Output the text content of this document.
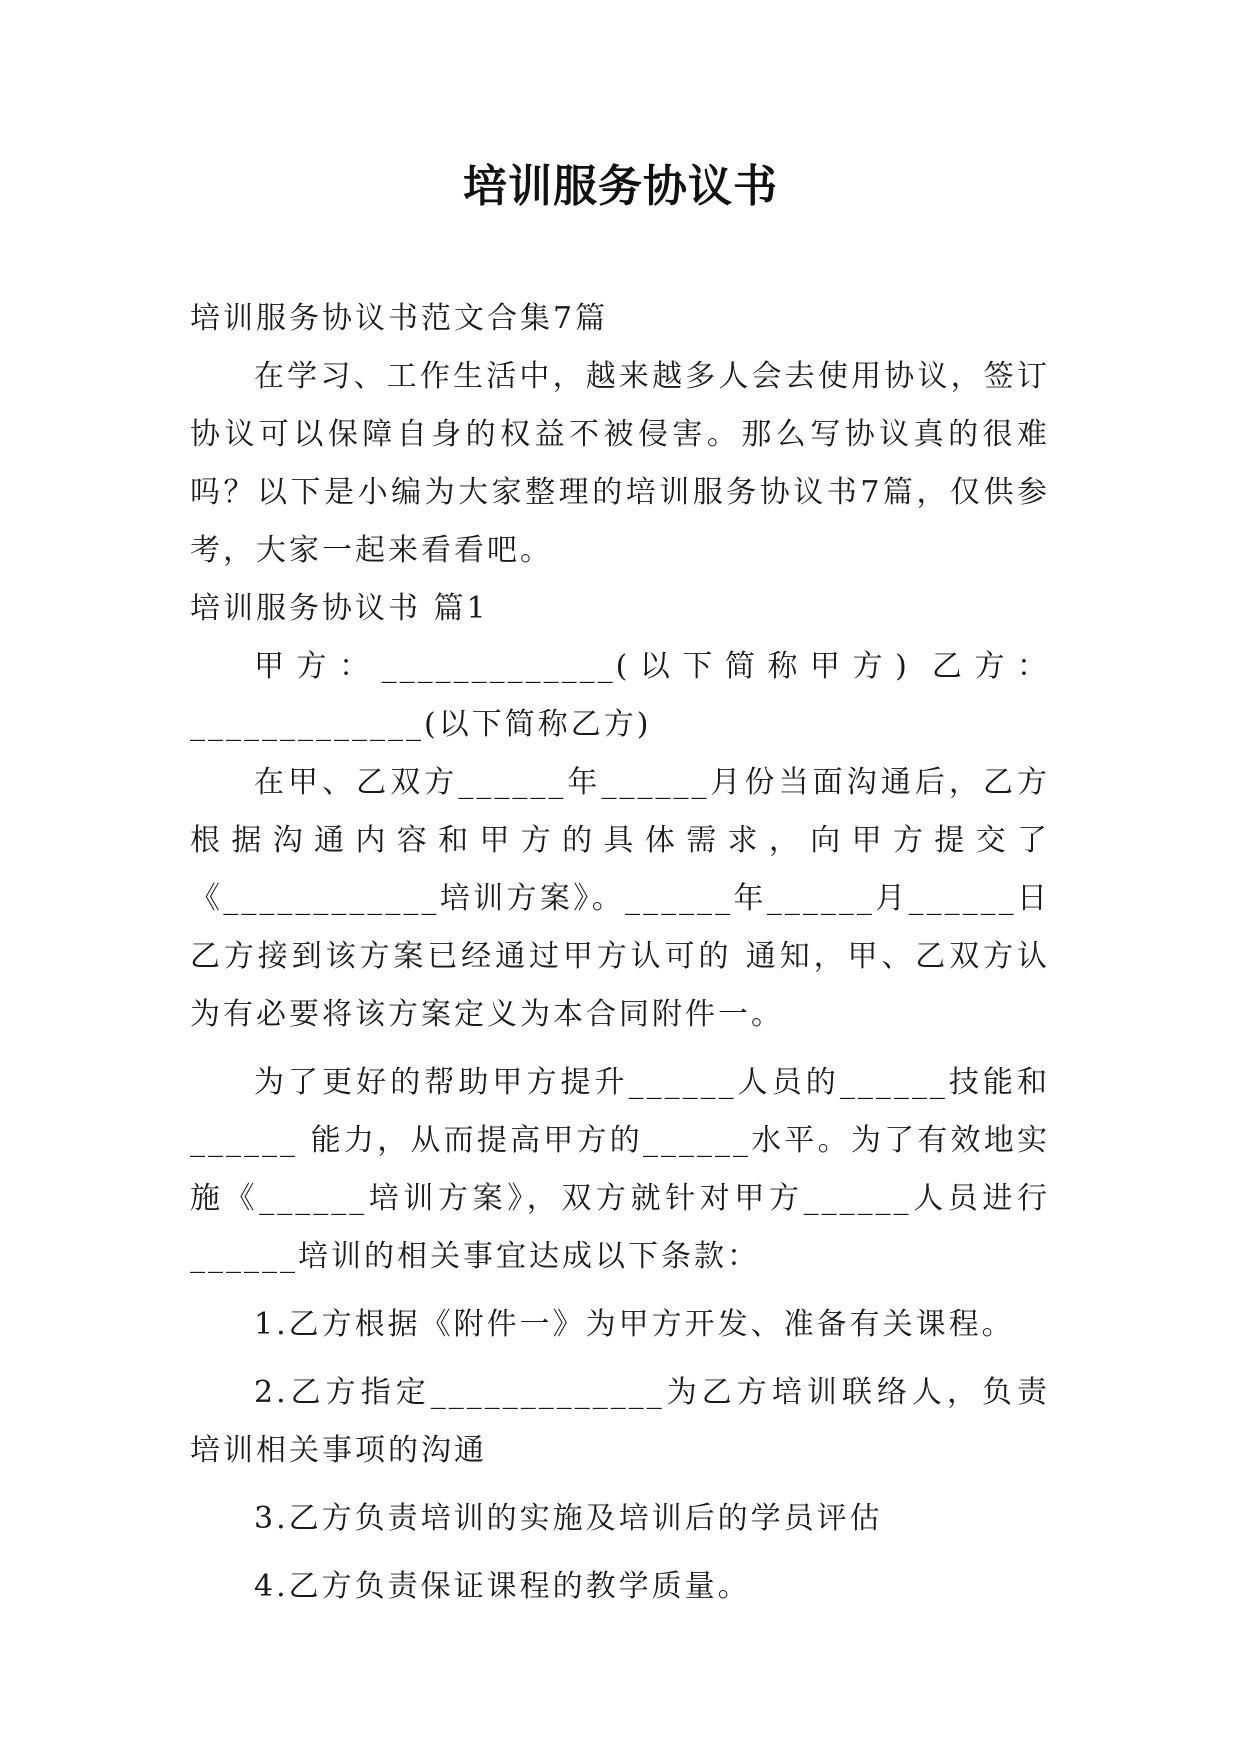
培训服务协议书

培训服务协议书范文合集7篇

在学习、工作生活中，越来越多人会去使用协议，签订协议可以保障自身的权益不被侵害。那么写协议真的很难吗？以下是小编为大家整理的培训服务协议书7篇，仅供参考，大家一起来看看吧。

培训服务协议书 篇1

甲方：_____________(以下简称甲方) 乙方：_____________(以下简称乙方)

在甲、乙双方______年______月份当面沟通后，乙方根据沟通内容和甲方的具体需求，向甲方提交了《____________培训方案》。______年______月______日乙方接到该方案已经通过甲方认可的 通知，甲、乙双方认为有必要将该方案定义为本合同附件一。

为了更好的帮助甲方提升______人员的______技能和______ 能力，从而提高甲方的______水平。为了有效地实施《______培训方案》，双方就针对甲方______人员进行______培训的相关事宜达成以下条款：

1.乙方根据《附件一》为甲方开发、准备有关课程。

2.乙方指定_____________为乙方培训联络人，负责培训相关事项的沟通

3.乙方负责培训的实施及培训后的学员评估

4.乙方负责保证课程的教学质量。
